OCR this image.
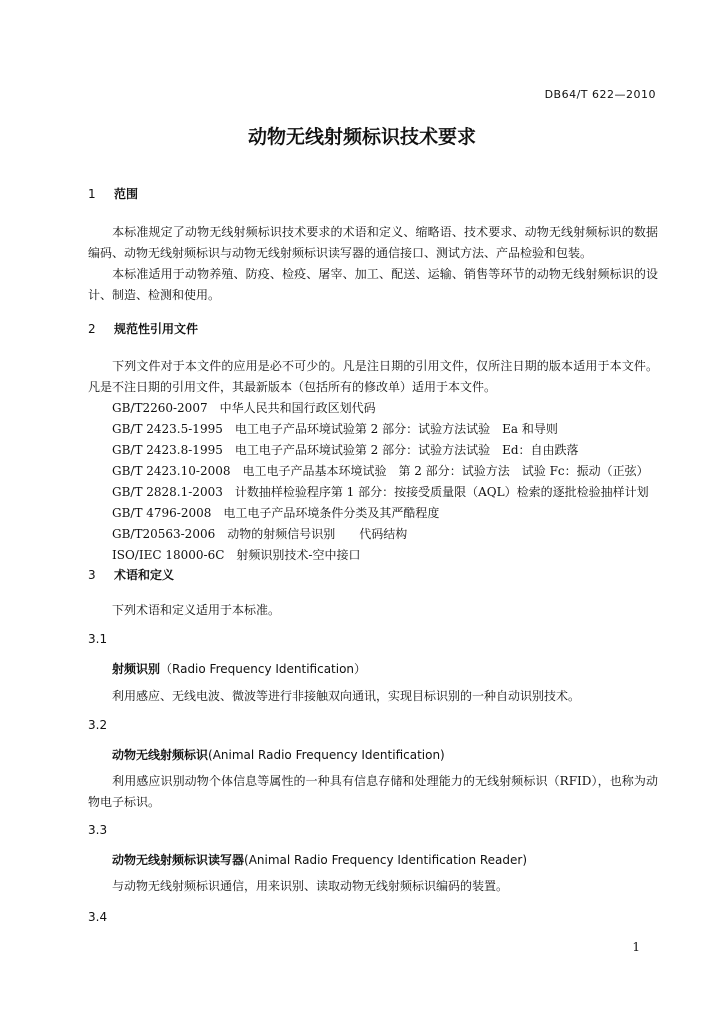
DB64/T 622—2010
动物无线射频标识技术要求
1 范围
本标准规定了动物无线射频标识技术要求的术语和定义、缩略语、技术要求、动物无线射频标识的数据编码、动物无线射频标识与动物无线射频标识读写器的通信接口、测试方法、产品检验和包装。
本标准适用于动物养殖、防疫、检疫、屠宰、加工、配送、运输、销售等环节的动物无线射频标识的设计、制造、检测和使用。
2 规范性引用文件
下列文件对于本文件的应用是必不可少的。凡是注日期的引用文件，仅所注日期的版本适用于本文件。凡是不注日期的引用文件，其最新版本（包括所有的修改单）适用于本文件。
GB/T2260-2007　中华人民共和国行政区划代码
GB/T 2423.5-1995　电工电子产品环境试验第 2 部分：试验方法试验　Ea 和导则
GB/T 2423.8-1995　电工电子产品环境试验第 2 部分：试验方法试验　Ed：自由跌落
GB/T 2423.10-2008　电工电子产品基本环境试验　第 2 部分：试验方法　试验 Fc：振动（正弦）
GB/T 2828.1-2003　计数抽样检验程序第 1 部分：按接受质量限（AQL）检索的逐批检验抽样计划
GB/T 4796-2008　电工电子产品环境条件分类及其严酷程度
GB/T20563-2006　动物的射频信号识别　　代码结构
ISO/IEC 18000-6C　射频识别技术-空中接口
3 术语和定义
下列术语和定义适用于本标准。
3.1
射频识别（Radio Frequency Identification）
利用感应、无线电波、微波等进行非接触双向通讯，实现目标识别的一种自动识别技术。
3.2
动物无线射频标识(Animal Radio Frequency Identification)
利用感应识别动物个体信息等属性的一种具有信息存储和处理能力的无线射频标识（RFID），也称为动物电子标识。
3.3
动物无线射频标识读写器(Animal Radio Frequency Identification Reader)
与动物无线射频标识通信，用来识别、读取动物无线射频标识编码的装置。
3.4
1
